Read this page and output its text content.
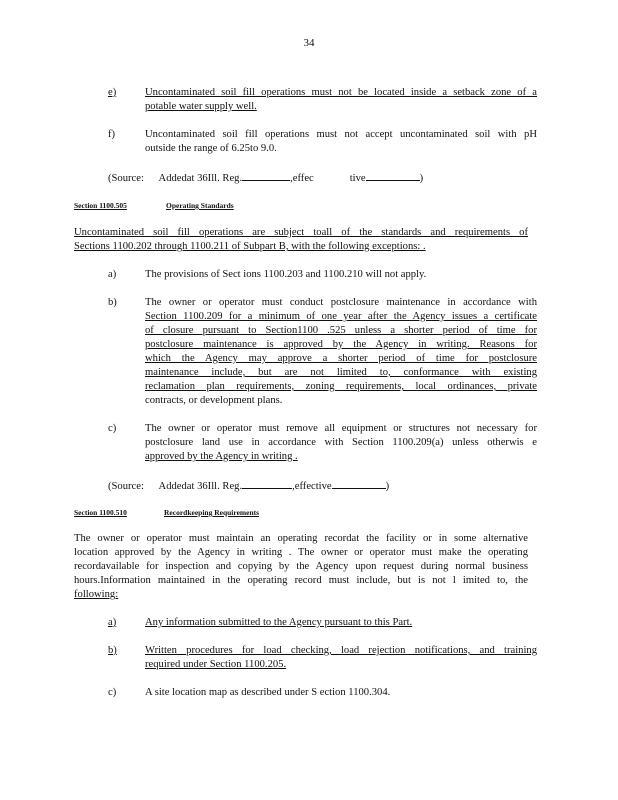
34
e)	Uncontaminated soil fill operations must not be located inside a setback zone of a
potable water supply well.
f)	Uncontaminated soil fill operations must not accept uncontaminated soil with pH
outside the range of 6.25to 9.0.
(Source: Addedat 36Ill. Reg.	,effec	tive	)
Section 1100.505	Operating Standards
Uncontaminated soil fill operations are subject toall of the standards and requirements of
Sections 1100.202 through 1100.211 of Subpart B, with the following exceptions: .
a)	The provisions of Sect ions 1100.203 and 1100.210 will not apply.
b)	The owner or operator must conduct postclosure maintenance in accordance with
Section 1100.209 for a minimum of one year after the Agency issues a certificate
of closure pursuant to Section1100 .525 unless a shorter period of time for
postclosure maintenance is approved by the Agency in writing. Reasons for
which the Agency may approve a shorter period of time for postclosure
maintenance include, but are not limited to, conformance with existing
reclamation plan requirements, zoning requirements, local ordinances, private
contracts, or development plans.
c)	The owner or operator must remove all equipment or structures not necessary for
postclosure land use in accordance with Section 1100.209(a) unless otherwis e
approved by the Agency in writing .
(Source: Addedat 36Ill. Reg.	,effective	)
Section 1100.510	Recordkeeping Requirements
The owner or operator must maintain an operating recordat the facility or in some alternative
location approved by the Agency in writing . The owner or operator must make the operating
recordavailable for inspection and copying by the Agency upon request during normal business
hours.Information maintained in the operating record must include, but is not l imited to, the
following:
a)	Any information submitted to the Agency pursuant to this Part.
b)	Written procedures for load checking, load rejection notifications, and training
required under Section 1100.205.
c)	A site location map as described under S ection 1100.304.
